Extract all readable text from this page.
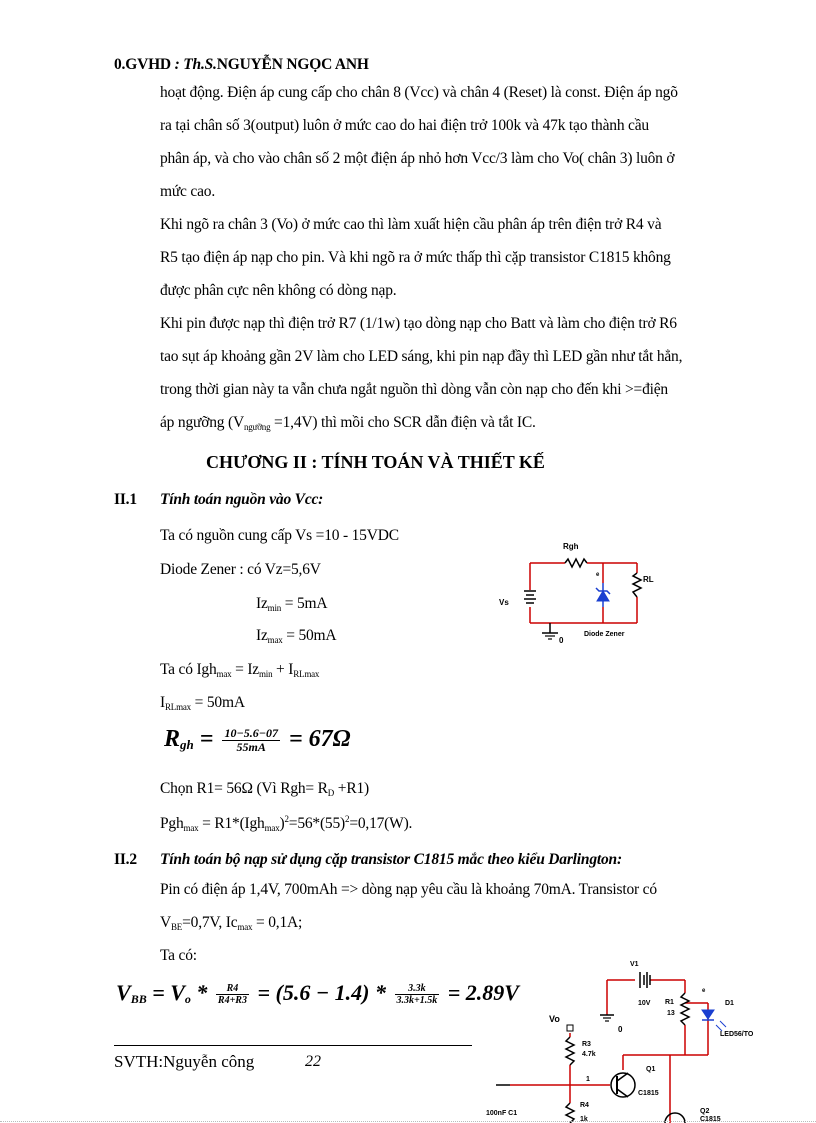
0.GVHD : Th.S.NGUYỄN NGỌC ANH
hoạt động. Điện áp cung cấp cho chân 8 (Vcc) và chân 4 (Reset) là const. Điện áp ngõ
ra tại chân số 3(output) luôn ở mức cao do hai điện trở 100k và 47k tạo thành cầu
phân áp, và cho vào chân số 2 một điện áp nhỏ hơn Vcc/3 làm cho Vo( chân 3) luôn ở
mức cao.
Khi ngõ ra chân 3 (Vo) ở mức cao thì làm xuất hiện cầu phân áp trên điện trở R4 và
R5 tạo điện áp nạp cho pin. Và khi ngõ ra ở mức thấp thì cặp transistor C1815 không
được phân cực nên không có dòng nạp.
Khi pin được nạp thì điện trở R7 (1/1w) tạo dòng nạp cho Batt và làm cho điện trở R6
tao sụt áp khoảng gần 2V làm cho LED sáng, khi pin nạp đầy thì LED gần như tắt hẳn,
trong thời gian này ta vẫn chưa ngắt nguồn thì dòng vẫn còn nạp cho đến khi >=điện
áp ngưỡng $(V_{ngưỡng} =1,4V)$ thì mồi cho SCR dẫn điện và tắt IC.
CHƯƠNG II : TÍNH TOÁN VÀ THIẾT KẾ
II.1 Tính toán nguồn vào Vcc:
Ta có nguồn cung cấp Vs =10 - 15VDC
Diode Zener : có Vz=5,6V
$Iz_{min} = 5mA$
$Iz_{max} = 50mA$
Ta có $Igh_{max} = Iz_{min} + I_{RLmax}$
$I_{RLmax} = 50mA$
$R_{gh} = \frac{10-5.6-07}{55mA} = 67\Omega$
Chọn R1= 56Ω (Vì $Rgh= R_D +R1$)
$Pgh_{max} = R1*(Igh_{max})^2=56*(55)^2=0,17(W)$.
Rgh
RL
Vs
0
Diode Zener
e
II.2 Tính toán bộ nạp sử dụng cặp transistor C1815 mắc theo kiểu Darlington:
Pin có điện áp 1,4V, 700mAh => dòng nạp yêu cầu là khoảng 70mA. Transistor có
$V_{BE}=0,7V$, $Ic_{max} = 0,1A$;
Ta có:
$V_{BB} = V_o * \frac{R4}{R4+R3} = (5.6 - 1.4) * \frac{3.3k}{3.3k+1.5k} = 2.89V$
V1
10V R1
13
D1
LED56/TO
Vo
R3
4.7k
Q1
C1815
R4
1k
100nF C1
1
Q2
C1815
0
e
SVTH:Nguyễn công	22
